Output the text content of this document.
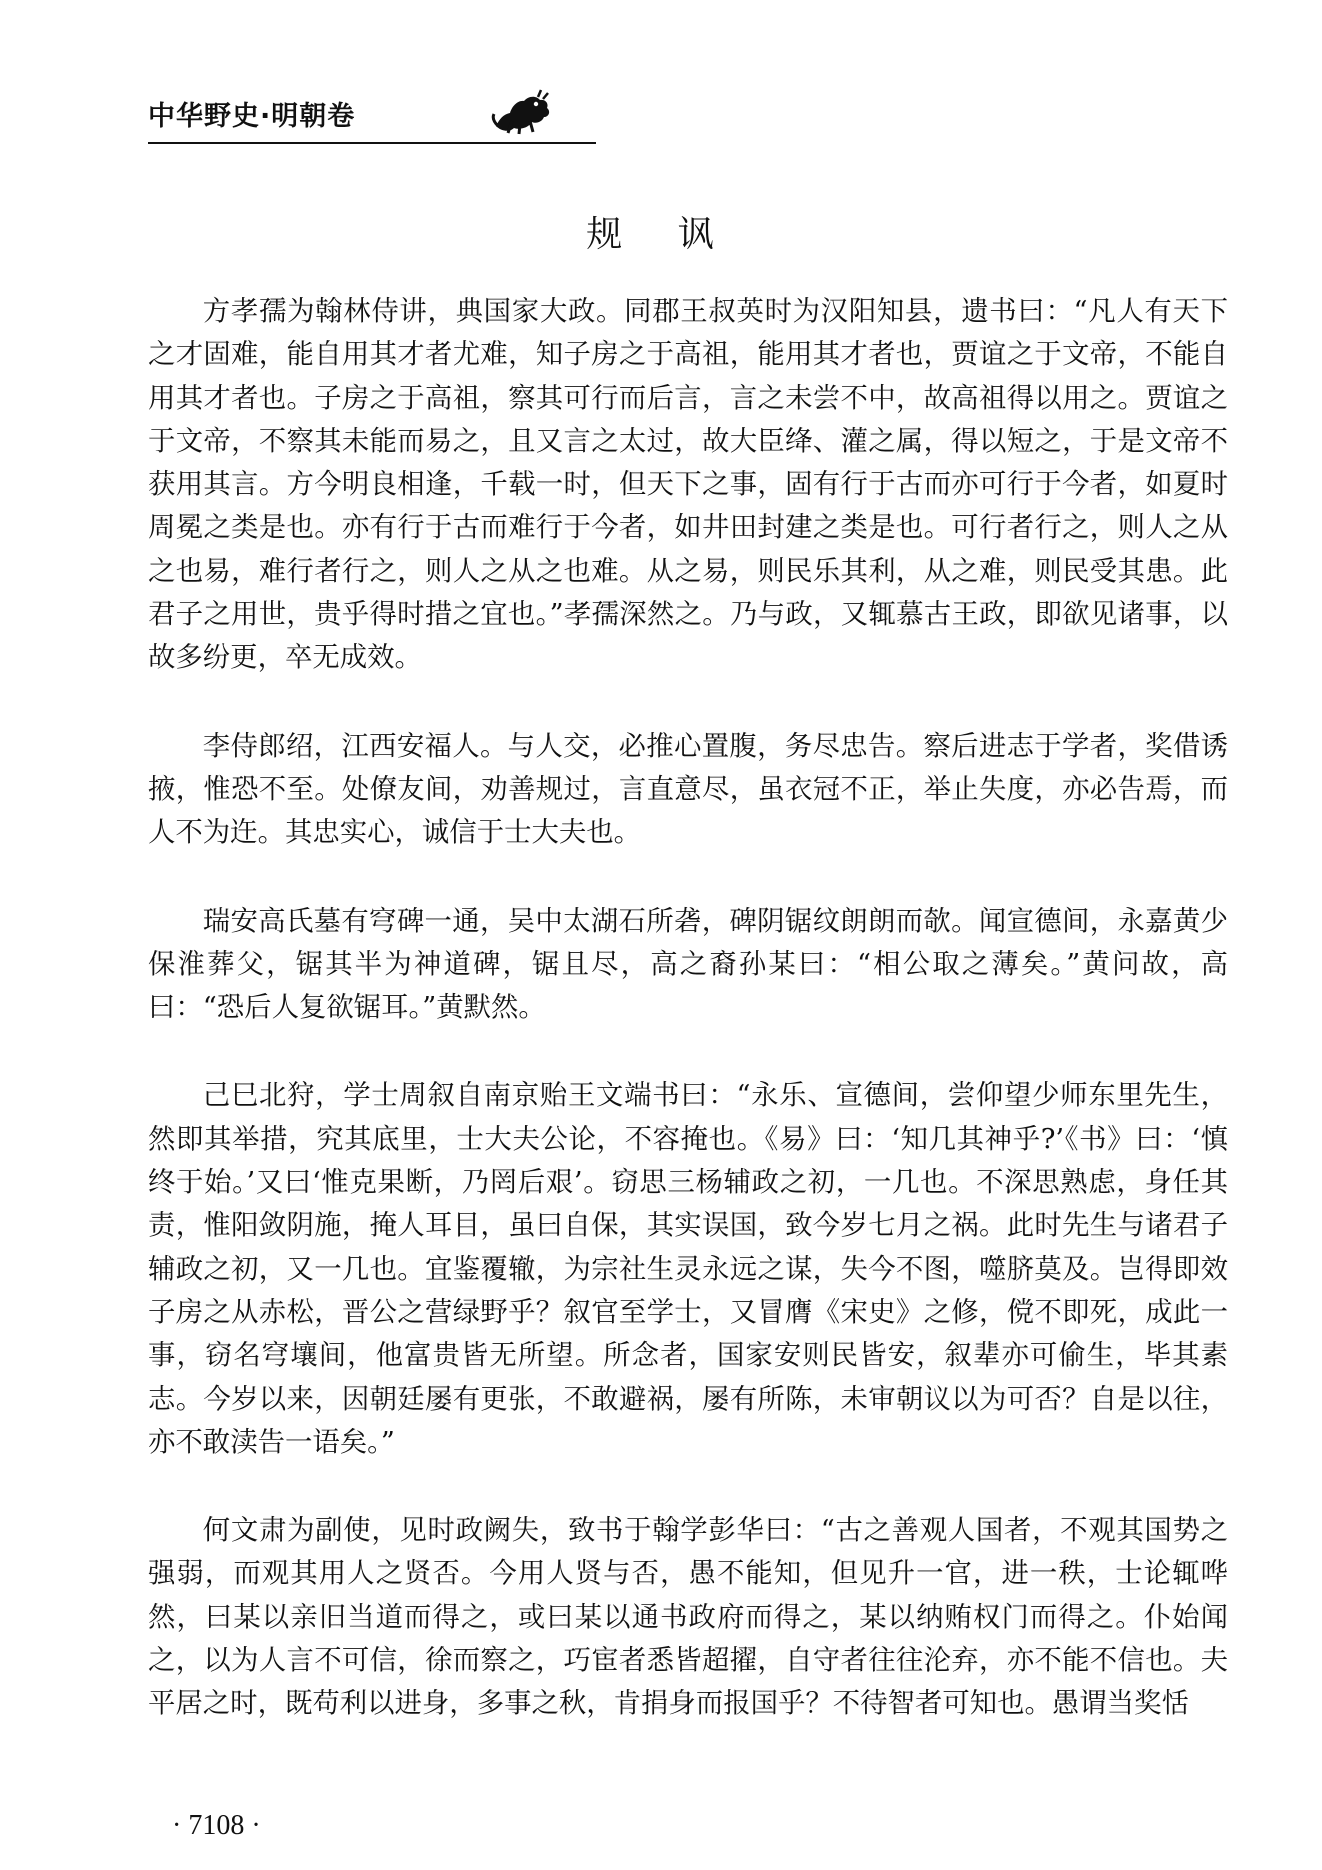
中华野史·明朝卷
规 讽

方孝孺为翰林侍讲，典国家大政。同郡王叔英时为汉阳知县，遗书曰：“凡人有天下之才固难，能自用其才者尤难，知子房之于高祖，能用其才者也，贾谊之于文帝，不能自用其才者也。子房之于高祖，察其可行而后言，言之未尝不中，故高祖得以用之。贾谊之于文帝，不察其未能而易之，且又言之太过，故大臣绛、灌之属，得以短之，于是文帝不获用其言。方今明良相逢，千载一时，但天下之事，固有行于古而亦可行于今者，如夏时周冕之类是也。亦有行于古而难行于今者，如井田封建之类是也。可行者行之，则人之从之也易，难行者行之，则人之从之也难。从之易，则民乐其利，从之难，则民受其患。此君子之用世，贵乎得时措之宜也。”孝孺深然之。乃与政，又辄慕古王政，即欲见诸事，以故多纷更，卒无成效。

李侍郎绍，江西安福人。与人交，必推心置腹，务尽忠告。察后进志于学者，奖借诱掖，惟恐不至。处僚友间，劝善规过，言直意尽，虽衣冠不正，举止失度，亦必告焉，而人不为迕。其忠实心，诚信于士大夫也。

瑞安高氏墓有穹碑一通，吴中太湖石所砻，碑阴锯纹朗朗而欹。闻宣德间，永嘉黄少保淮葬父，锯其半为神道碑，锯且尽，高之裔孙某曰：“相公取之薄矣。”黄问故，高曰：“恐后人复欲锯耳。”黄默然。

己巳北狩，学士周叙自南京贻王文端书曰：“永乐、宣德间，尝仰望少师东里先生，然即其举措，究其底里，士大夫公论，不容掩也。《易》曰：‘知几其神乎?’《书》曰：‘慎终于始。’又曰‘惟克果断，乃罔后艰’。窃思三杨辅政之初，一几也。不深思熟虑，身任其责，惟阳敛阴施，掩人耳目，虽曰自保，其实误国，致今岁七月之祸。此时先生与诸君子辅政之初，又一几也。宜鉴覆辙，为宗社生灵永远之谋，失今不图，噬脐莫及。岂得即效子房之从赤松，晋公之营绿野乎？叙官至学士，又冒膺《宋史》之修，傥不即死，成此一事，窃名穹壤间，他富贵皆无所望。所念者，国家安则民皆安，叙辈亦可偷生，毕其素志。今岁以来，因朝廷屡有更张，不敢避祸，屡有所陈，未审朝议以为可否？自是以往，亦不敢渎告一语矣。”

何文肃为副使，见时政阙失，致书于翰学彭华曰：“古之善观人国者，不观其国势之强弱，而观其用人之贤否。今用人贤与否，愚不能知，但见升一官，进一秩，士论辄哗然，曰某以亲旧当道而得之，或曰某以通书政府而得之，某以纳贿权门而得之。仆始闻之，以为人言不可信，徐而察之，巧宦者悉皆超擢，自守者往往沦弃，亦不能不信也。夫平居之时，既苟利以进身，多事之秋，肯捐身而报国乎？不待智者可知也。愚谓当奖恬

· 7108 ·
